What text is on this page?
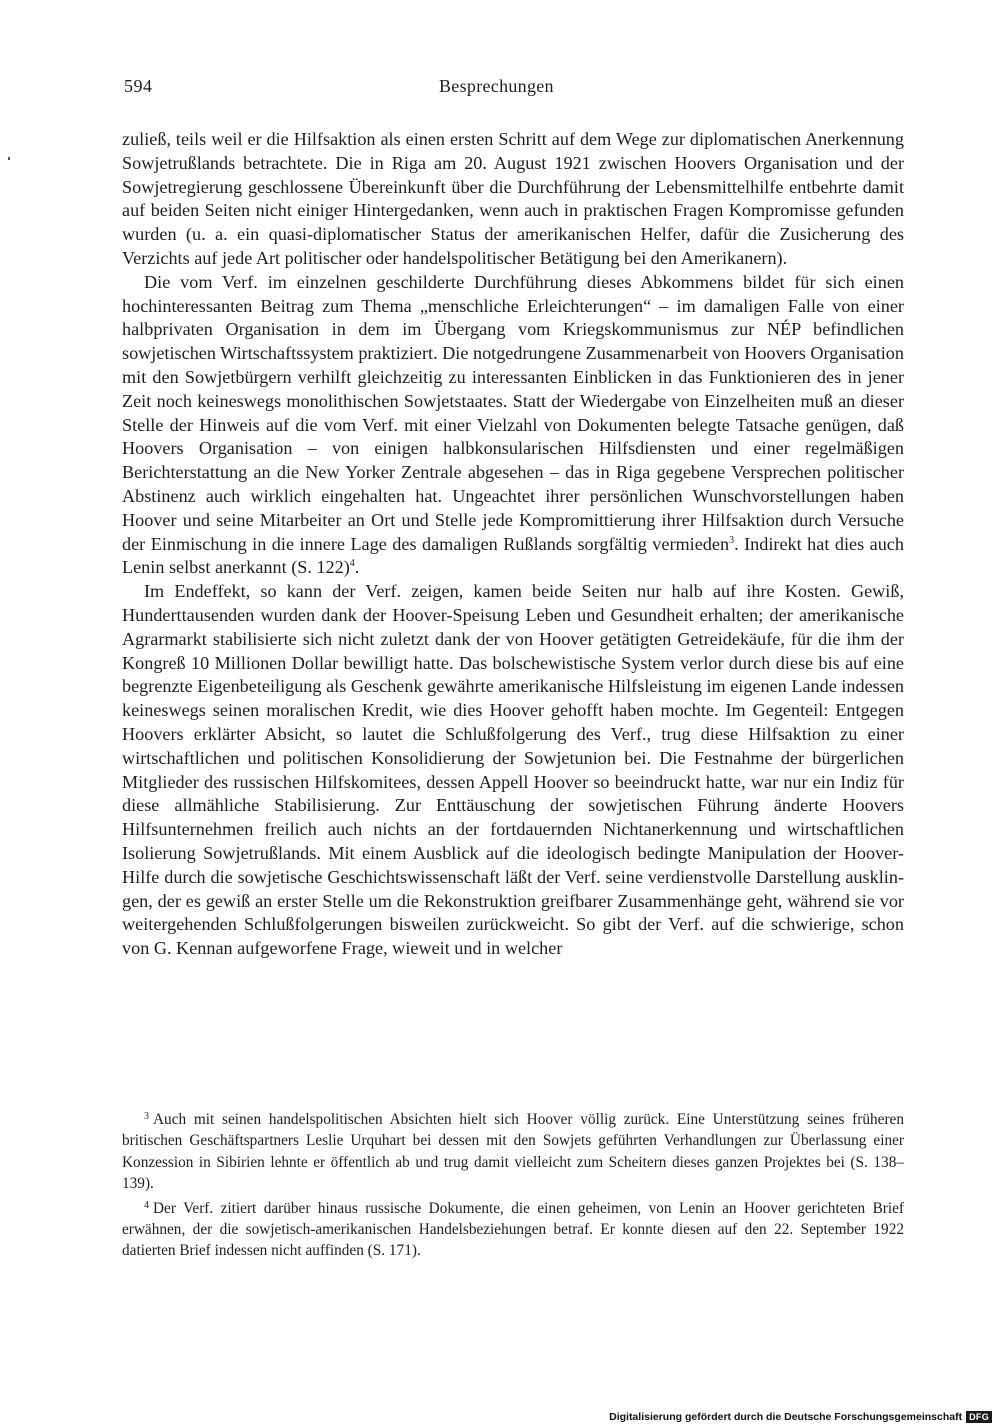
594	Besprechungen

zuließ, teils weil er die Hilfsaktion als einen ersten Schritt auf dem Wege zur diplomatischen Anerkennung Sowjetrußlands betrachtete. Die in Riga am 20. August 1921 zwischen Hoovers Organisation und der Sowjetregierung geschlossene Übereinkunft über die Durchführung der Lebensmittelhilfe entbehrte damit auf beiden Seiten nicht einiger Hintergedanken, wenn auch in praktischen Fragen Kompromisse gefunden wurden (u. a. ein quasi-diplomatischer Status der amerikanischen Helfer, dafür die Zusicherung des Verzichts auf jede Art politischer oder handelspolitischer Betätigung bei den Amerikanern).

Die vom Verf. im einzelnen geschilderte Durchführung dieses Abkommens bildet für sich einen hochinteressanten Beitrag zum Thema „menschliche Erleichterungen“ – im damaligen Falle von einer halbprivaten Organisation in dem im Übergang vom Kriegskommunismus zur NÉP befindlichen sowjetischen Wirtschaftssystem praktiziert. Die notgedrungene Zusammenarbeit von Hoovers Organisation mit den Sowjetbürgern verhilft gleichzeitig zu interessanten Einblicken in das Funktionieren des in jener Zeit noch keineswegs monolithischen Sowjetstaates. Statt der Wiedergabe von Einzelheiten muß an dieser Stelle der Hinweis auf die vom Verf. mit einer Vielzahl von Dokumenten belegte Tatsache genügen, daß Hoovers Organisation – von einigen halbkonsularischen Hilfsdiensten und einer regelmäßigen Berichterstattung an die New Yorker Zentrale abgesehen – das in Riga gegebene Versprechen politischer Abstinenz auch wirklich eingehalten hat. Ungeachtet ihrer persönlichen Wunschvorstellungen haben Hoover und seine Mitarbeiter an Ort und Stelle jede Kompromittierung ihrer Hilfsaktion durch Versuche der Einmischung in die innere Lage des damaligen Rußlands sorgfältig vermieden$^3$. Indirekt hat dies auch Lenin selbst anerkannt (S. 122)$^4$.

Im Endeffekt, so kann der Verf. zeigen, kamen beide Seiten nur halb auf ihre Kosten. Gewiß, Hunderttausenden wurden dank der Hoover-Speisung Leben und Gesundheit erhalten; der amerikanische Agrarmarkt stabilisierte sich nicht zuletzt dank der von Hoover getätigten Getreidekäufe, für die ihm der Kongreß 10 Millionen Dollar bewilligt hatte. Das bolschewistische System verlor durch diese bis auf eine begrenzte Eigenbeteiligung als Geschenk gewährte amerikanische Hilfsleistung im eigenen Lande indessen keineswegs seinen moralischen Kredit, wie dies Hoover gehofft haben mochte. Im Gegenteil: Entgegen Hoovers erklärter Absicht, so lautet die Schlußfolgerung des Verf., trug diese Hilfsaktion zu einer wirtschaftlichen und politischen Konsolidierung der Sowjetunion bei. Die Festnahme der bürgerlichen Mitglieder des russischen Hilfskomitees, dessen Appell Hoover so beeindruckt hatte, war nur ein Indiz für diese allmähliche Stabilisierung. Zur Enttäuschung der sowjetischen Führung änderte Hoovers Hilfsunternehmen freilich auch nichts an der fortdauernden Nichtanerkennung und wirtschaftlichen Isolierung Sowjetrußlands. Mit einem Ausblick auf die ideologisch bedingte Manipulation der Hoover-Hilfe durch die sowjetische Geschichtswissenschaft läßt der Verf. seine verdienstvolle Darstellung ausklingen, der es gewiß an erster Stelle um die Rekonstruktion greifbarer Zusammenhänge geht, während sie vor weitergehenden Schlußfolgerungen bisweilen zurückweicht. So gibt der Verf. auf die schwierige, schon von G. Kennan aufgeworfene Frage, wieweit und in welcher

$^3$ Auch mit seinen handelspolitischen Absichten hielt sich Hoover völlig zurück. Eine Unterstützung seines früheren britischen Geschäftspartners Leslie Urquhart bei dessen mit den Sowjets geführten Verhandlungen zur Überlassung einer Konzession in Sibirien lehnte er öffentlich ab und trug damit vielleicht zum Scheitern dieses ganzen Projektes bei (S. 138–139).

$^4$ Der Verf. zitiert darüber hinaus russische Dokumente, die einen geheimen, von Lenin an Hoover gerichteten Brief erwähnen, der die sowjetisch-amerikanischen Handelsbeziehungen betraf. Er konnte diesen auf den 22. September 1922 datierten Brief indessen nicht auffinden (S. 171).

Digitalisierung gefördert durch die Deutsche Forschungsgemeinschaft DFG
